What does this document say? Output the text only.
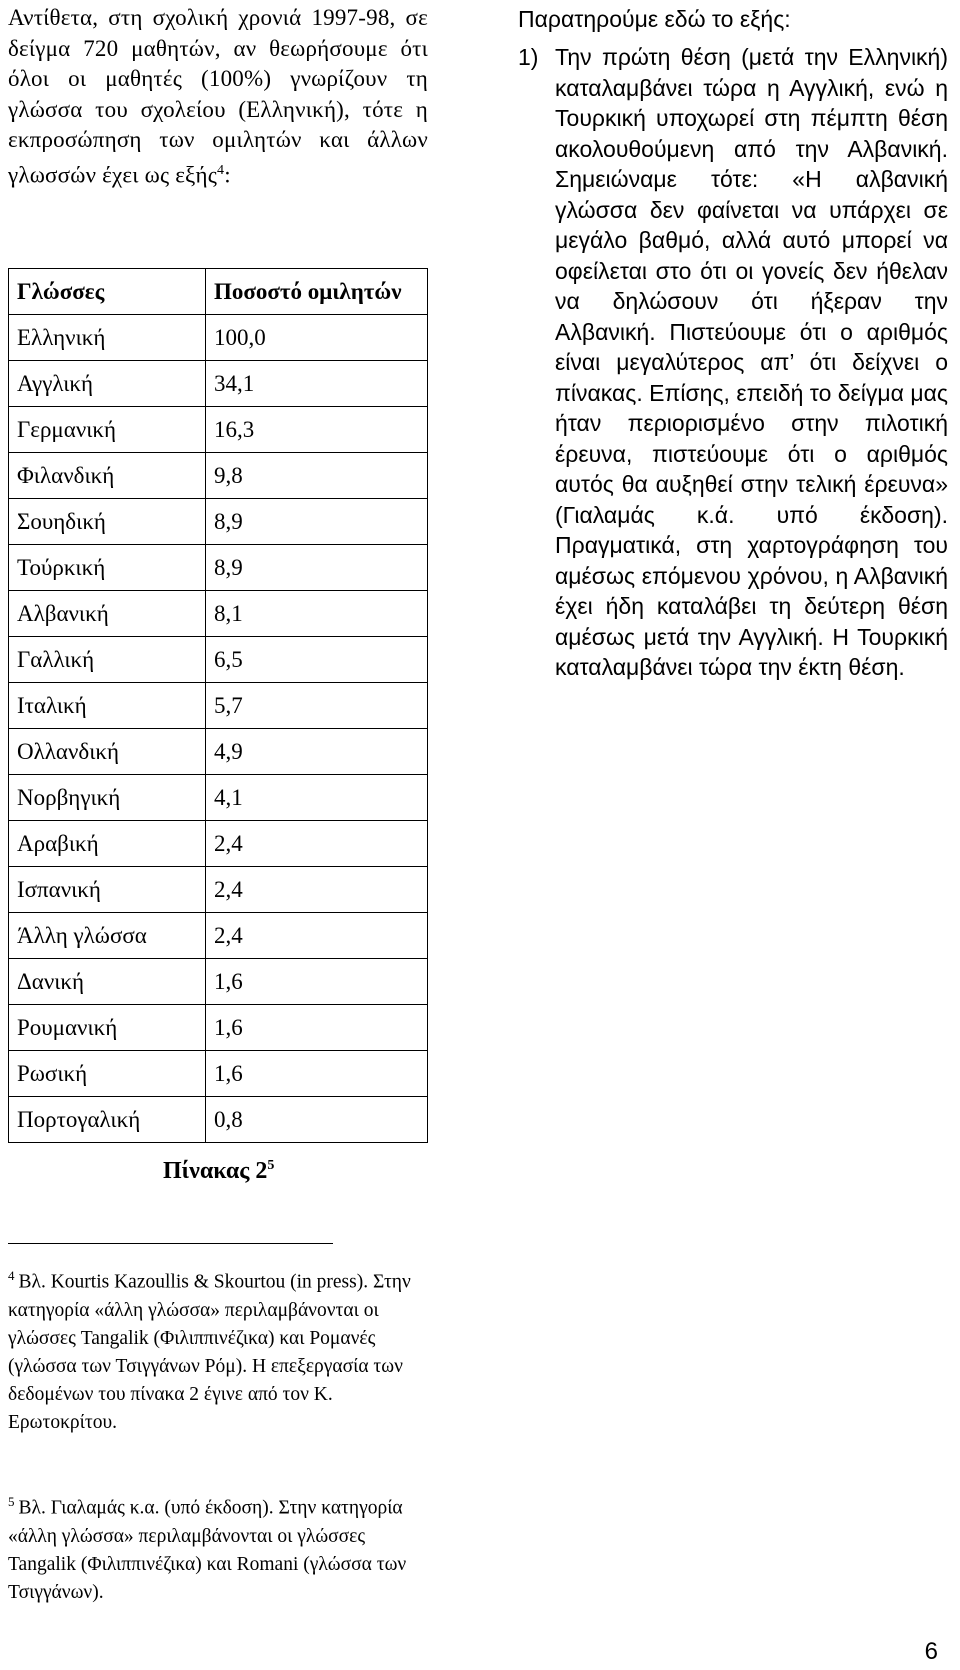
Αντίθετα, στη σχολική χρονιά 1997-98, σε δείγμα 720 μαθητών, αν θεωρήσουμε ότι όλοι οι μαθητές (100%) γνωρίζουν τη γλώσσα του σχολείου (Ελληνική), τότε η εκπροσώπηση των ομιλητών και άλλων γλωσσών έχει ως εξής$^4$:

Γλώσσες	Ποσοστό ομιλητών
Ελληνική	100,0
Αγγλική	34,1
Γερμανική	16,3
Φιλανδική	9,8
Σουηδική	8,9
Τούρκική	8,9
Αλβανική	8,1
Γαλλική	6,5
Ιταλική	5,7
Ολλανδική	4,9
Νορβηγική	4,1
Αραβική	2,4
Ισπανική	2,4
Άλλη γλώσσα	2,4
Δανική	1,6
Ρουμανική	1,6
Ρωσική	1,6
Πορτογαλική	0,8
Πίνακας $2^5$
$^4$ Βλ. Kourtis Kazoullis & Skourtou (in press). Στην κατηγορία «άλλη γλώσσα» περιλαμβάνονται οι γλώσσες Tangalik (Φιλιππινέζικα) και Ρομανές (γλώσσα των Τσιγγάνων Ρόμ). Η επεξεργασία των δεδομένων του πίνακα 2 έγινε από τον Κ. Ερωτοκρίτου.
$^5$ Βλ. Γιαλαμάς κ.α. (υπό έκδοση). Στην κατηγορία «άλλη γλώσσα» περιλαμβάνονται οι γλώσσες Tangalik (Φιλιππινέζικα) και Romani (γλώσσα των Τσιγγάνων).

Παρατηρούμε εδώ το εξής:

1) Την πρώτη θέση (μετά την Ελληνική) καταλαμβάνει τώρα η Αγγλική, ενώ η Τουρκική υποχωρεί στη πέμπτη θέση ακολουθούμενη από την Αλβανική. Σημειώναμε τότε: «Η αλβανική γλώσσα δεν φαίνεται να υπάρχει σε μεγάλο βαθμό, αλλά αυτό μπορεί να οφείλεται στο ότι οι γονείς δεν ήθελαν να δηλώσουν ότι ήξεραν την Αλβανική. Πιστεύουμε ότι ο αριθμός είναι μεγαλύτερος απ’ ότι δείχνει ο πίνακας. Επίσης, επειδή το δείγμα μας ήταν περιορισμένο στην πιλοτική έρευνα, πιστεύουμε ότι ο αριθμός αυτός θα αυξηθεί στην τελική έρευνα» (Γιαλαμάς κ.ά. υπό έκδοση). Πραγματικά, στη χαρτογράφηση του αμέσως επόμενου χρόνου, η Αλβανική έχει ήδη καταλάβει τη δεύτερη θέση αμέσως μετά την Αγγλική. Η Τουρκική καταλαμβάνει τώρα την έκτη θέση.
6
